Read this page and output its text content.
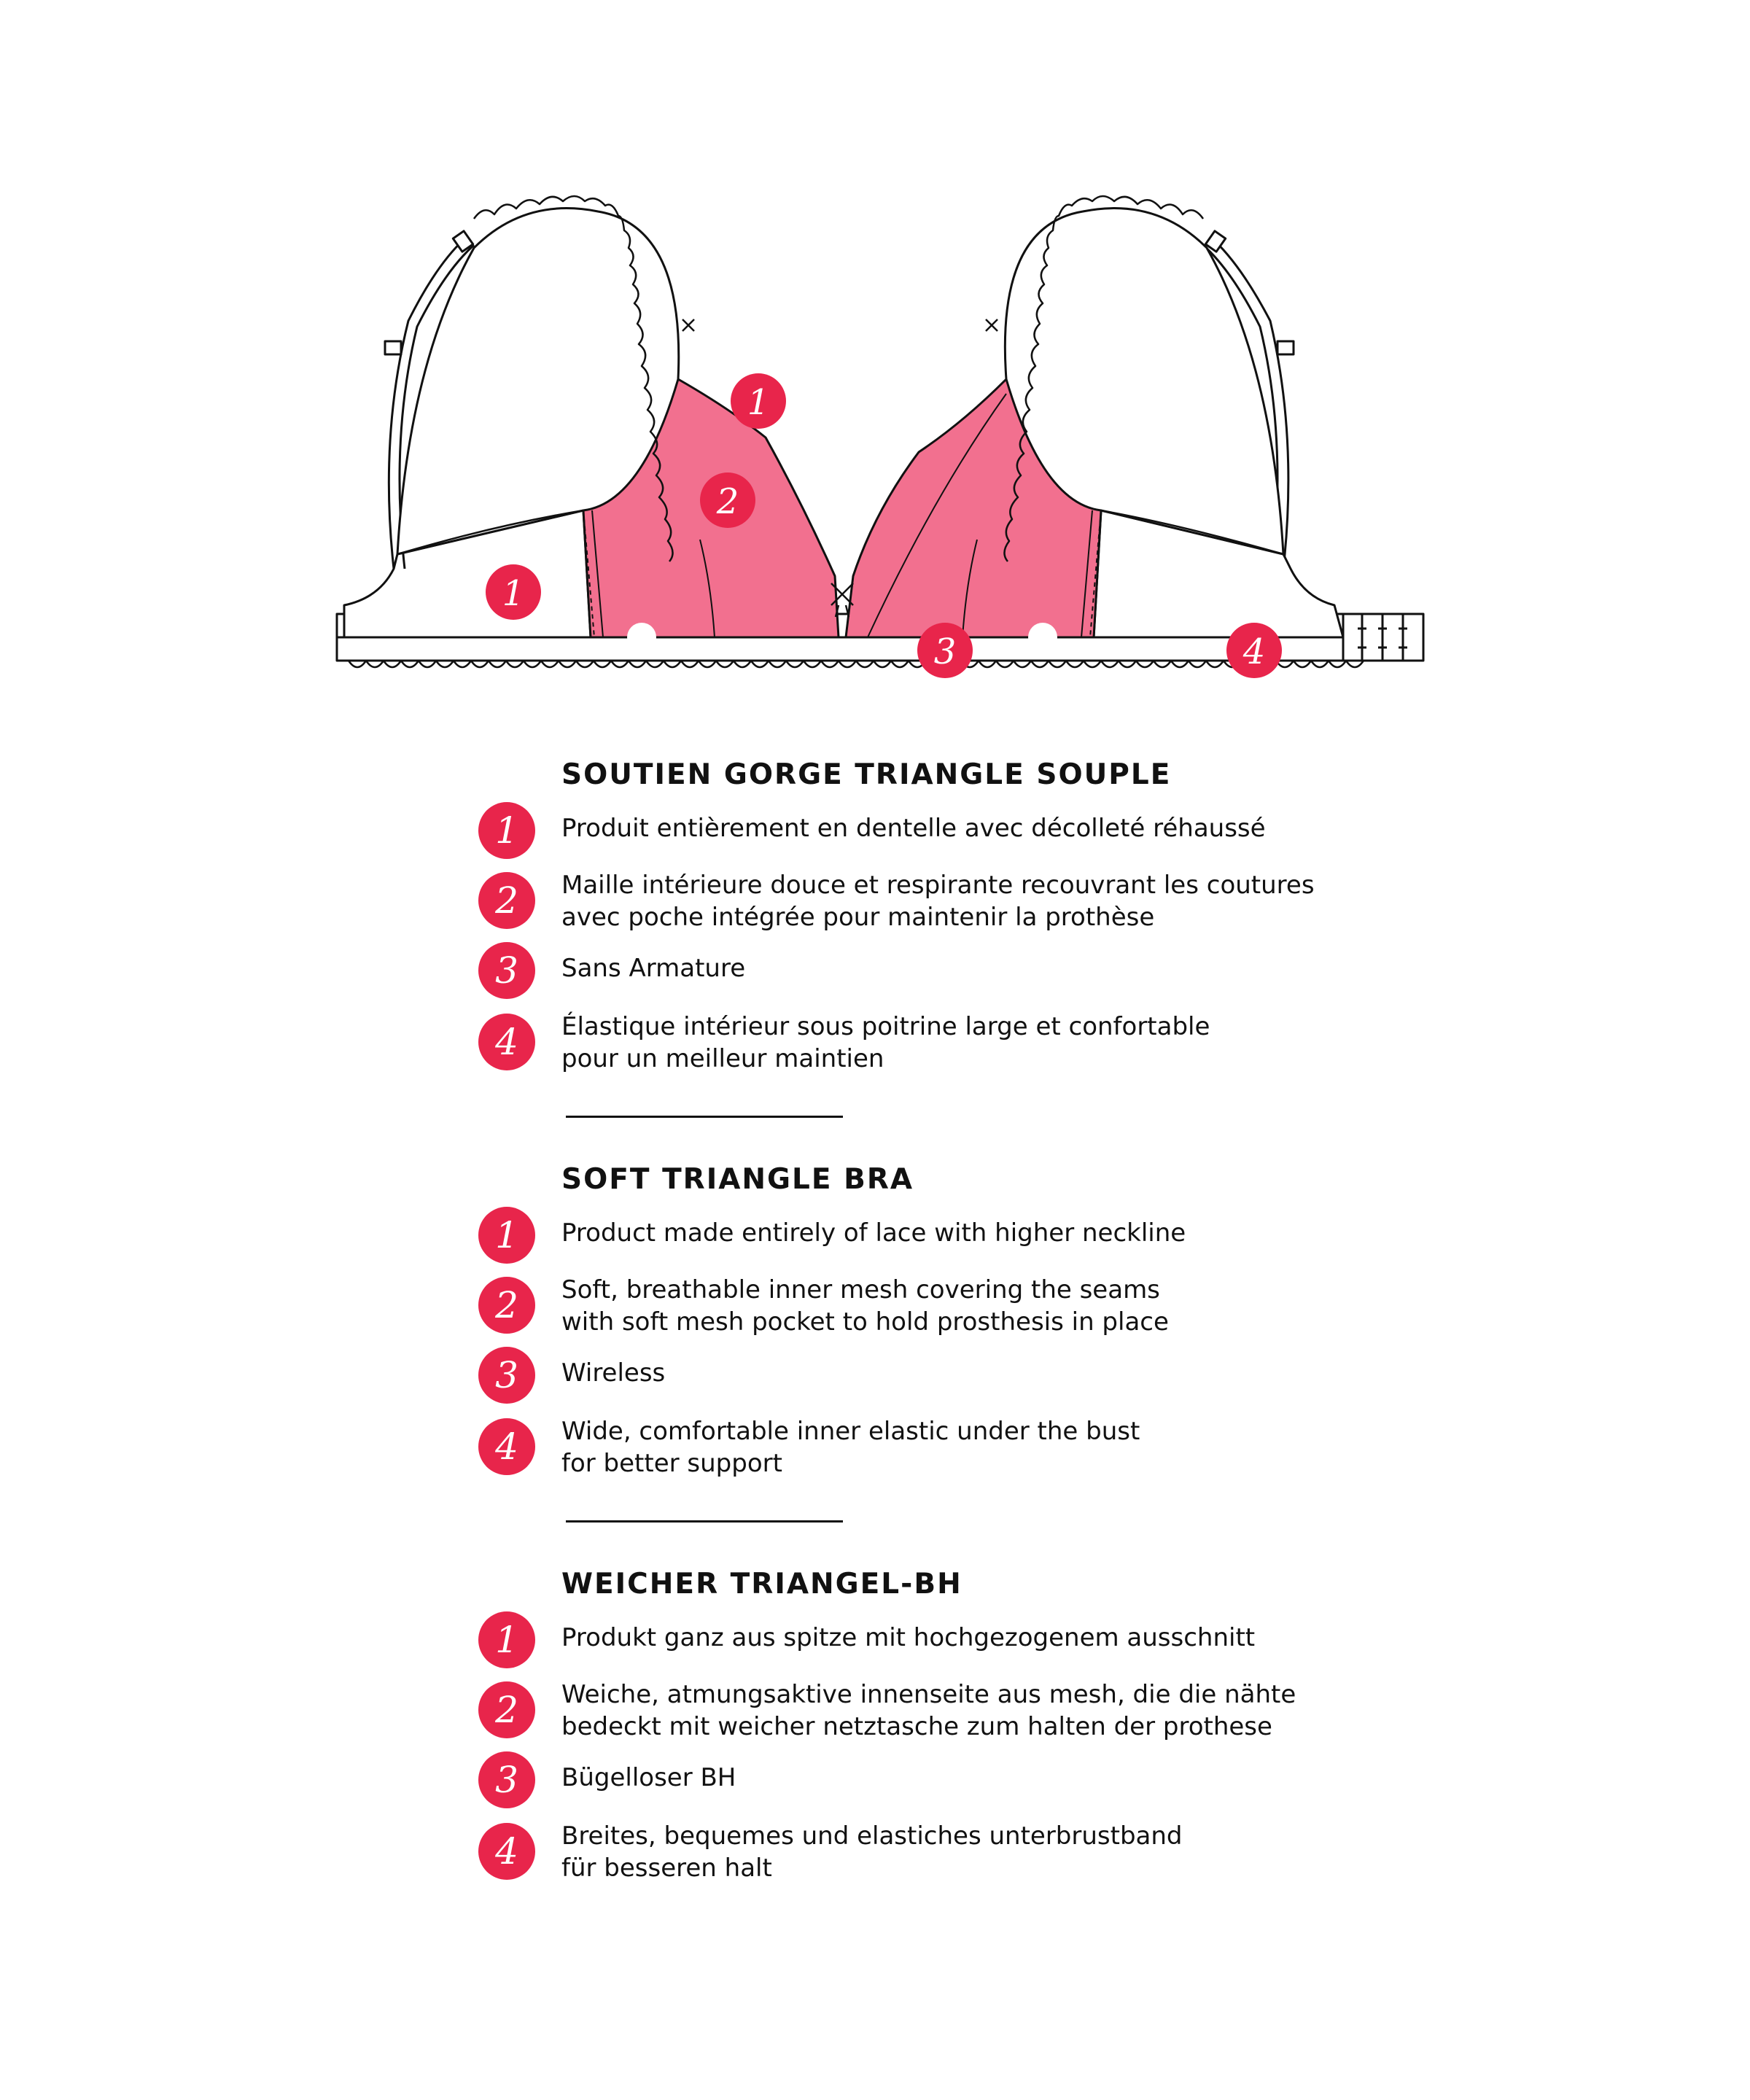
1
2
1
3	4
SOUTIEN GORGE TRIANGLE SOUPLE
1	Produit entièrement en dentelle avec décolleté réhaussé
2	Maille intérieure douce et respirante recouvrant les coutures
avec poche intégrée pour maintenir la prothèse
3	Sans Armature
4	Élastique intérieur sous poitrine large et confortable
pour un meilleur maintien
SOFT TRIANGLE BRA
1	Product made entirely of lace with higher neckline
2	Soft, breathable inner mesh covering the seams
with soft mesh pocket to hold prosthesis in place
3	Wireless
4	Wide, comfortable inner elastic under the bust
for better support
WEICHER TRIANGEL-BH
1	Produkt ganz aus spitze mit hochgezogenem ausschnitt
2	Weiche, atmungsaktive innenseite aus mesh, die die nähte
bedeckt mit weicher netztasche zum halten der prothese
3	Bügelloser BH
4	Breites, bequemes und elastiches unterbrustband
für besseren halt
